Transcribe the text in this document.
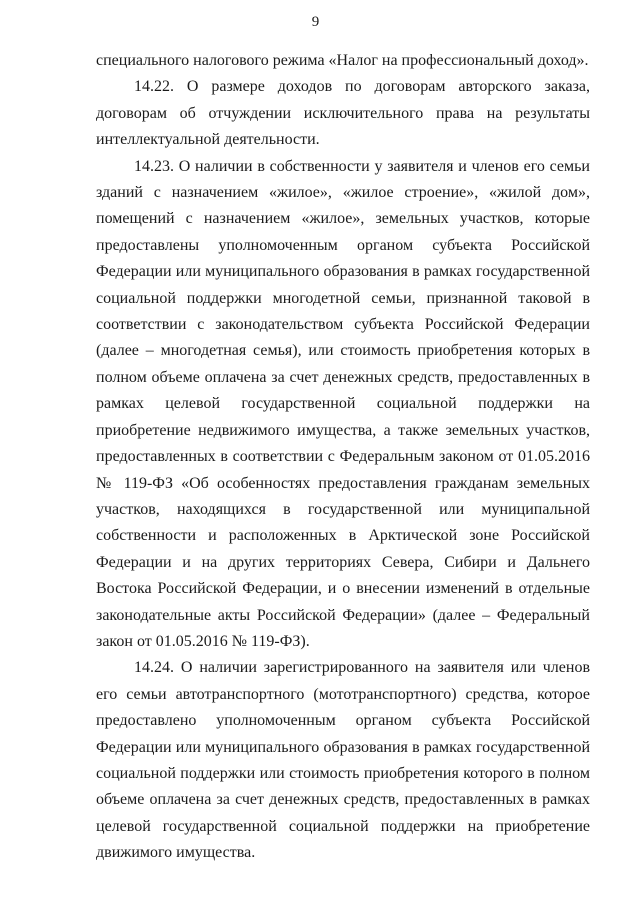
9

специального налогового режима «Налог на профессиональный доход».

14.22. О размере доходов по договорам авторского заказа, договорам об отчуждении исключительного права на результаты интеллектуальной деятельности.

14.23. О наличии в собственности у заявителя и членов его семьи зданий с назначением «жилое», «жилое строение», «жилой дом», помещений с назначением «жилое», земельных участков, которые предоставлены уполномоченным органом субъекта Российской Федерации или муниципального образования в рамках государственной социальной поддержки многодетной семьи, признанной таковой в соответствии с законодательством субъекта Российской Федерации (далее – многодетная семья), или стоимость приобретения которых в полном объеме оплачена за счет денежных средств, предоставленных в рамках целевой государственной социальной поддержки на приобретение недвижимого имущества, а также земельных участков, предоставленных в соответствии с Федеральным законом от 01.05.2016 № 119-ФЗ «Об особенностях предоставления гражданам земельных участков, находящихся в государственной или муниципальной собственности и расположенных в Арктической зоне Российской Федерации и на других территориях Севера, Сибири и Дальнего Востока Российской Федерации, и о внесении изменений в отдельные законодательные акты Российской Федерации» (далее – Федеральный закон от 01.05.2016 № 119-ФЗ).

14.24. О наличии зарегистрированного на заявителя или членов его семьи автотранспортного (мототранспортного) средства, которое предоставлено уполномоченным органом субъекта Российской Федерации или муниципального образования в рамках государственной социальной поддержки или стоимость приобретения которого в полном объеме оплачена за счет денежных средств, предоставленных в рамках целевой государственной социальной поддержки на приобретение движимого имущества.
